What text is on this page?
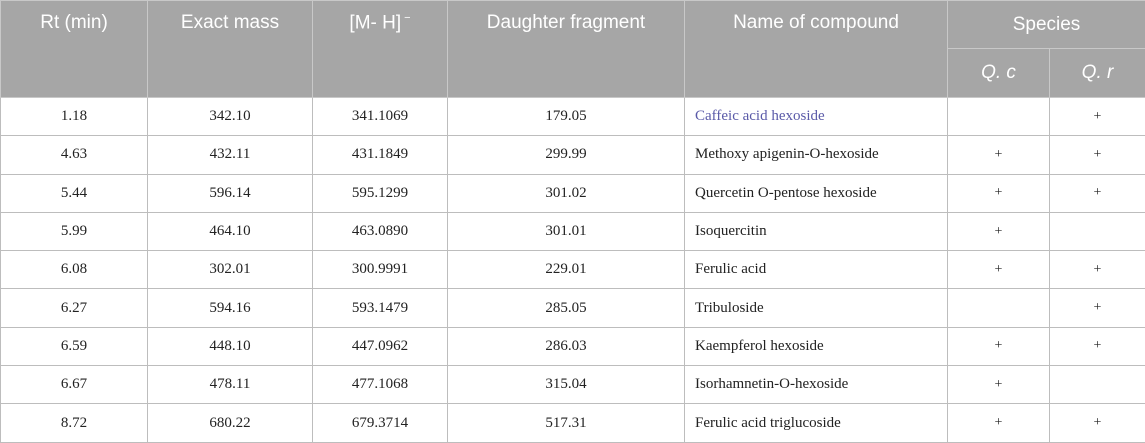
Rt (min)	Exact mass	[M- H] −	Daughter fragment	Name of compound	Species	
					Q. c	Q. r
1.18	342.10	341.1069	179.05	Caffeic acid hexoside		+
4.63	432.11	431.1849	299.99	Methoxy apigenin-O-hexoside	+	+
5.44	596.14	595.1299	301.02	Quercetin O-pentose hexoside	+	+
5.99	464.10	463.0890	301.01	Isoquercitin	+	
6.08	302.01	300.9991	229.01	Ferulic acid	+	+
6.27	594.16	593.1479	285.05	Tribuloside		+
6.59	448.10	447.0962	286.03	Kaempferol hexoside	+	+
6.67	478.11	477.1068	315.04	Isorhamnetin-O-hexoside	+	
8.72	680.22	679.3714	517.31	Ferulic acid triglucoside	+	+
